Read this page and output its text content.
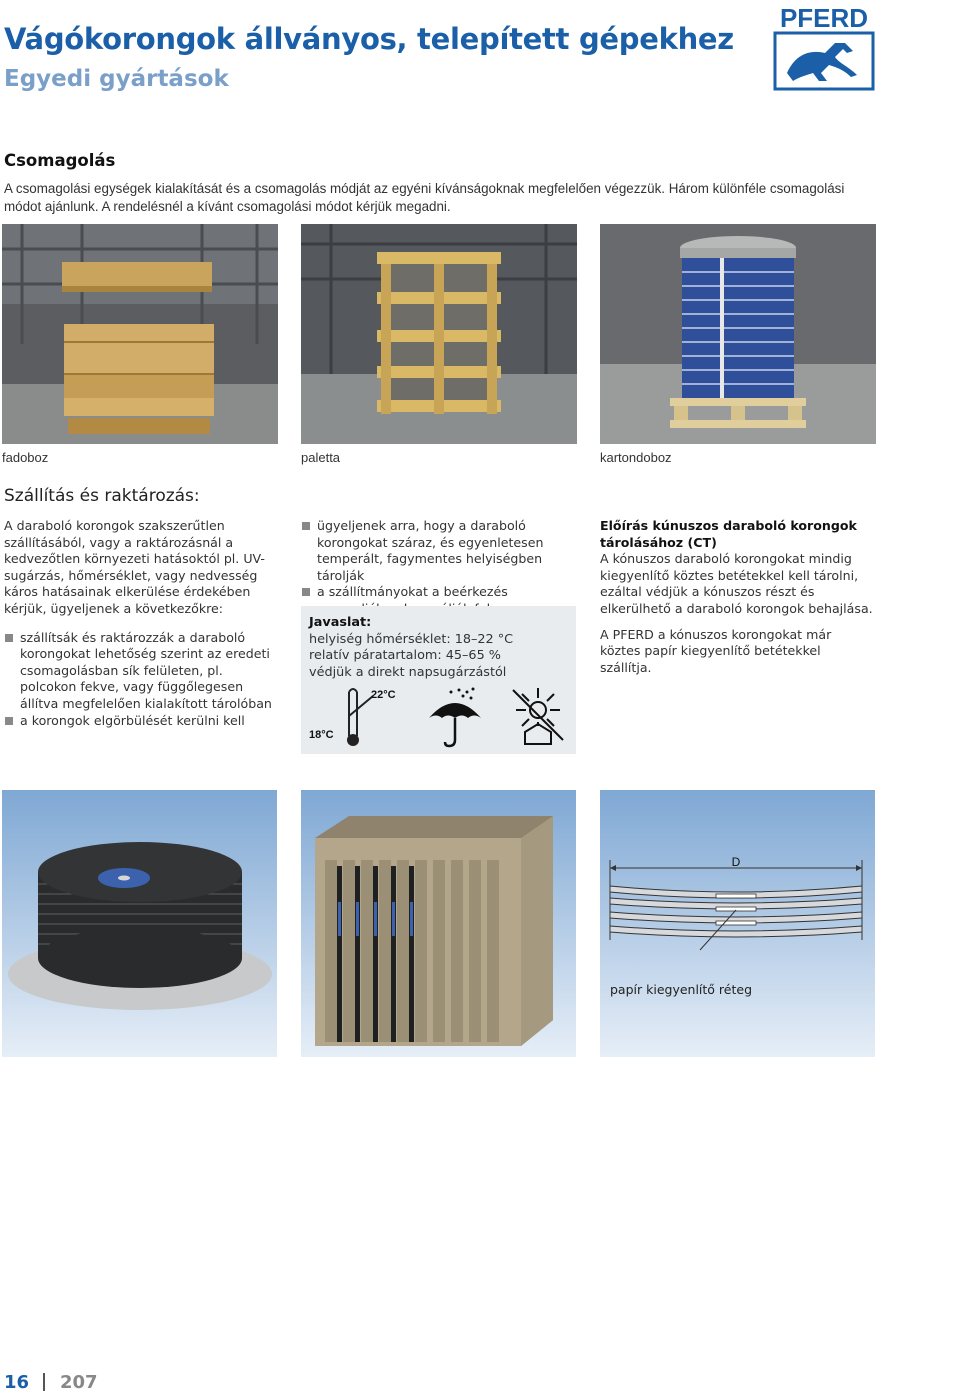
Vágókorongok állványos, telepített gépekhez
Egyedi gyártások
PFERD
Csomagolás

A csomagolási egységek kialakítását és a csomagolás módját az egyéni kívánságoknak megfelelően végezzük. Három különféle csomagolási módot ajánlunk. A rendelésnél a kívánt csomagolási módot kérjük megadni.

fadoboz	paletta	kartondoboz
Szállítás és raktározás:

A daraboló korongok szakszerűtlen szállításából, vagy a raktározásnál a kedvezőtlen környezeti hatásoktól pl. UV-sugárzás, hőmérséklet, vagy nedvesség káros hatásainak elkerülése érdekében kérjük, ügyeljenek a következőkre:

szállítsák és raktározzák a daraboló korongokat lehetőség szerint az eredeti csomagolásban sík felületen, pl. polcokon fekve, vagy függőlegesen állítva megfelelően kialakított tárolóban
a korongok elgörbülését kerülni kell
ügyeljenek arra, hogy a daraboló korongokat száraz, és egyenletesen temperált, fagymentes helyiségben tárolják
a szállítmányokat a beérkezés

Javaslat:

helyiség hőmérséklet: 18–22 °C

relatív páratartalom: 45–65 %

védjük a direkt napsugárzástól

22°C
18°C

Előírás kúnuszos daraboló korongok tárolásához (CT)

A kónuszos daraboló korongokat mindig kiegyenlítő köztes betétekkel kell tárolni, ezáltal védjük a kónuszos részt és elkerülhető a daraboló korongok behajlása.

A PFERD a kónuszos korongokat már köztes papír kiegyenlítő betétekkel szállítja.

D
papír kiegyenlítő réteg
16 207
